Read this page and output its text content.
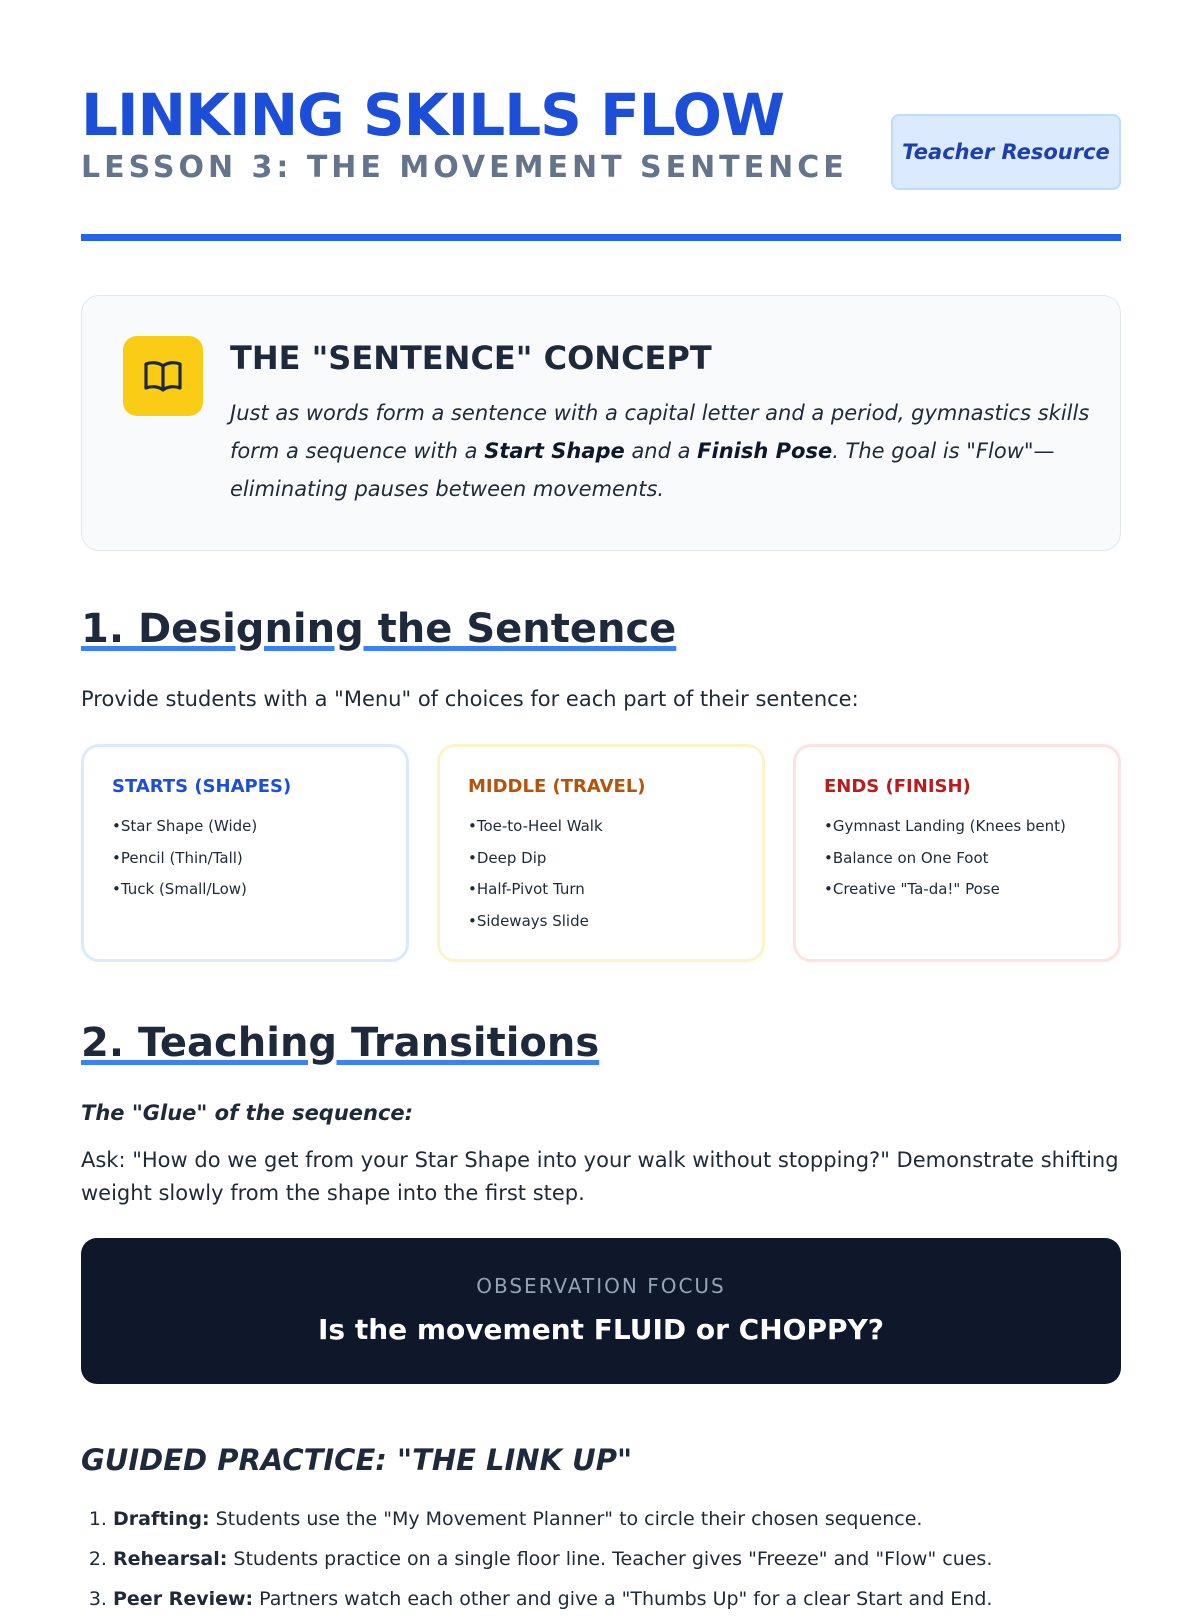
LINKING SKILLS FLOW
LESSON 3: THE MOVEMENT SENTENCE	Teacher Resource
THE "SENTENCE" CONCEPT

Just as words form a sentence with a capital letter and a period, gymnastics skills form a sequence with a Start Shape and a Finish Pose. The goal is "Flow"—eliminating pauses between movements.

1. Designing the Sentence

Provide students with a "Menu" of choices for each part of their sentence:

STARTS (SHAPES)
• Star Shape (Wide)
• Pencil (Thin/Tall)
• Tuck (Small/Low)
MIDDLE (TRAVEL)
• Toe-to-Heel Walk
• Deep Dip
• Half-Pivot Turn
• Sideways Slide
ENDS (FINISH)
• Gymnast Landing (Knees bent)
• Balance on One Foot
• Creative "Ta-da!" Pose
2. Teaching Transitions

The "Glue" of the sequence:

Ask: "How do we get from your Star Shape into your walk without stopping?" Demonstrate shifting weight slowly from the shape into the first step.

OBSERVATION FOCUS
Is the movement FLUID or CHOPPY?
GUIDED PRACTICE: "THE LINK UP"
1. Drafting: Students use the "My Movement Planner" to circle their chosen sequence.
2. Rehearsal: Students practice on a single floor line. Teacher gives "Freeze" and "Flow" cues.
3. Peer Review: Partners watch each other and give a "Thumbs Up" for a clear Start and End.
